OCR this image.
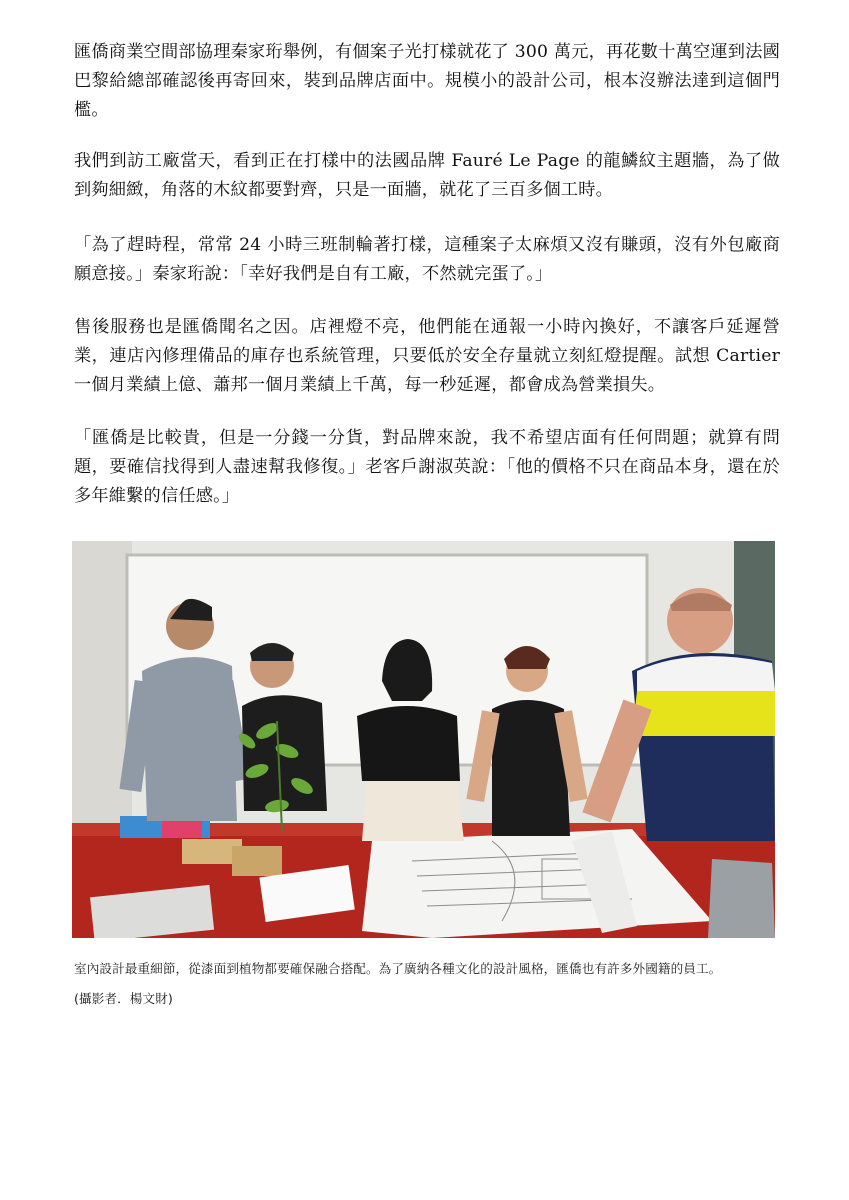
匯僑商業空間部協理秦家珩舉例，有個案子光打樣就花了 300 萬元，再花數十萬空運到法國巴黎給總部確認後再寄回來，裝到品牌店面中。規模小的設計公司，根本沒辦法達到這個門檻。

我們到訪工廠當天，看到正在打樣中的法國品牌 Fauré Le Page 的龍鱗紋主題牆，為了做到夠細緻，角落的木紋都要對齊，只是一面牆，就花了三百多個工時。

「為了趕時程，常常 24 小時三班制輪著打樣，這種案子太麻煩又沒有賺頭，沒有外包廠商願意接。」秦家珩說：「幸好我們是自有工廠，不然就完蛋了。」

售後服務也是匯僑聞名之因。店裡燈不亮，他們能在通報一小時內換好，不讓客戶延遲營業，連店內修理備品的庫存也系統管理，只要低於安全存量就立刻紅燈提醒。試想 Cartier 一個月業績上億、蕭邦一個月業績上千萬，每一秒延遲，都會成為營業損失。

「匯僑是比較貴，但是一分錢一分貨，對品牌來說，我不希望店面有任何問題；就算有問題，要確信找得到人盡速幫我修復。」老客戶謝淑英說：「他的價格不只在商品本身，還在於多年維繫的信任感。」

室內設計最重細節，從漆面到植物都要確保融合搭配。為了廣納各種文化的設計風格，匯僑也有許多外國籍的員工。

(攝影者．楊文財)
